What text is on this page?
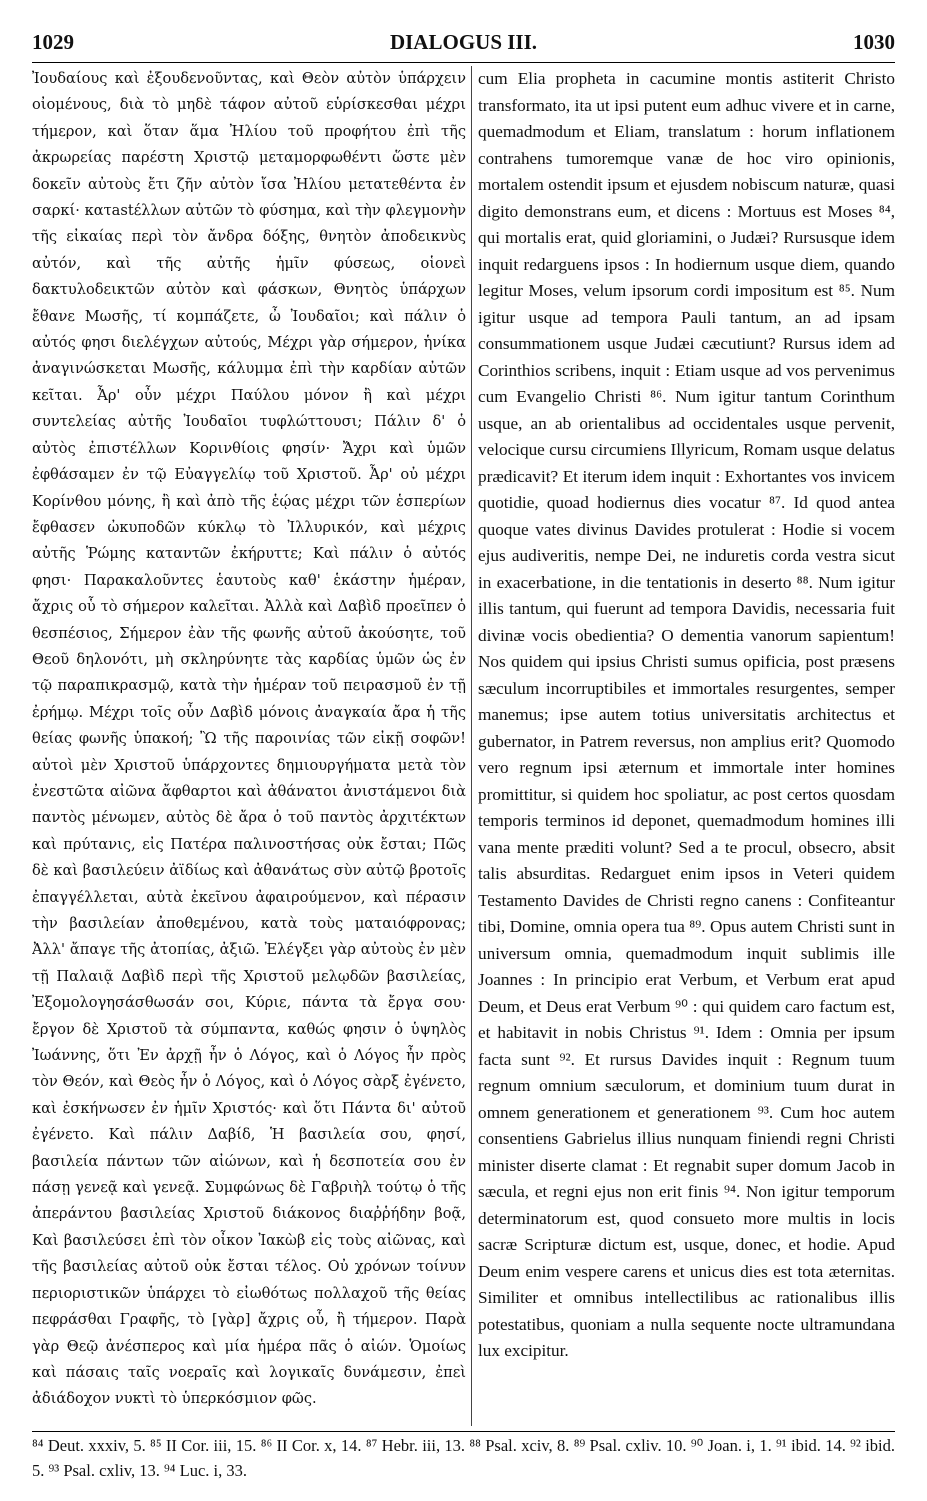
1029	DIALOGUS III.	1030

Ἰουδαίους καὶ ἐξουδενοῦντας, καὶ Θεὸν αὐτὸν ὑπάρχειν οἰομένους, διὰ τὸ μηδὲ τάφον αὐτοῦ εὑρίσκεσθαι μέχρι τήμερον, καὶ ὅταν ἅμα Ἠλίου τοῦ προφήτου ἐπὶ τῆς ἀκρωρείας παρέστη Χριστῷ μεταμορφωθέντι ὥστε μὲν δοκεῖν αὐτοὺς ἔτι ζῆν αὐτὸν ἴσα Ἠλίου μετατεθέντα ἐν σαρκί· κατastέλλων αὐτῶν τὸ φύσημα, καὶ τὴν φλεγμονὴν τῆς εἰκαίας περὶ τὸν ἄνδρα δόξης, θνητὸν ἀποδεικνὺς αὐτόν, καὶ τῆς αὐτῆς ἡμῖν φύσεως, οἱονεὶ δακτυλοδεικτῶν αὐτὸν καὶ φάσκων, Θνητὸς ὑπάρχων ἔθανε Μωσῆς, τί κομπάζετε, ὦ Ἰουδαῖοι; καὶ πάλιν ὁ αὐτός φησι διελέγχων αὐτούς, Μέχρι γὰρ σήμερον, ἡνίκα ἀναγινώσκεται Μωσῆς, κάλυμμα ἐπὶ τὴν καρδίαν αὐτῶν κεῖται. Ἆρ' οὖν μέχρι Παύλου μόνον ἢ καὶ μέχρι συντελείας αὐτῆς Ἰουδαῖοι τυφλώττουσι; Πάλιν δ' ὁ αὐτὸς ἐπιστέλλων Κορινθίοις φησίν· Ἄχρι καὶ ὑμῶν ἐφθάσαμεν ἐν τῷ Εὐαγγελίῳ τοῦ Χριστοῦ. Ἆρ' οὐ μέχρι Κορίνθου μόνης, ἢ καὶ ἀπὸ τῆς ἑῴας μέχρι τῶν ἑσπερίων ἔφθασεν ὠκυποδῶν κύκλῳ τὸ Ἰλλυρικόν, καὶ μέχρις αὐτῆς Ῥώμης καταντῶν ἐκήρυττε; Καὶ πάλιν ὁ αὐτός φησι· Παρακαλοῦντες ἑαυτοὺς καθ' ἑκάστην ἡμέραν, ἄχρις οὗ τὸ σήμερον καλεῖται. Ἀλλὰ καὶ Δαβὶδ προεῖπεν ὁ θεσπέσιος, Σήμερον ἐὰν τῆς φωνῆς αὐτοῦ ἀκούσητε, τοῦ Θεοῦ δηλονότι, μὴ σκληρύνητε τὰς καρδίας ὑμῶν ὡς ἐν τῷ παραπικρασμῷ, κατὰ τὴν ἡμέραν τοῦ πειρασμοῦ ἐν τῇ ἐρήμῳ. Μέχρι τοῖς οὖν Δαβὶδ μόνοις ἀναγκαία ἄρα ἡ τῆς θείας φωνῆς ὑπακοή; Ὢ τῆς παροινίας τῶν εἰκῇ σοφῶν! αὐτοὶ μὲν Χριστοῦ ὑπάρχοντες δημιουργήματα μετὰ τὸν ἐνεστῶτα αἰῶνα ἄφθαρτοι καὶ ἀθάνατοι ἀνιστάμενοι διὰ παντὸς μένωμεν, αὐτὸς δὲ ἄρα ὁ τοῦ παντὸς ἀρχιτέκτων καὶ πρύτανις, εἰς Πατέρα παλινοστήσας οὐκ ἔσται; Πῶς δὲ καὶ βασιλεύειν ἀϊδίως καὶ ἀθανάτως σὺν αὐτῷ βροτοῖς ἐπαγγέλλεται, αὐτὰ ἐκεῖνου ἀφαιρούμενον, καὶ πέρασιν τὴν βασιλείαν ἀποθεμένου, κατὰ τοὺς ματαιόφρονας; Ἀλλ' ἄπαγε τῆς ἀτοπίας, ἀξιῶ. Ἐλέγξει γὰρ αὐτοὺς ἐν μὲν τῇ Παλαιᾷ Δαβὶδ περὶ τῆς Χριστοῦ μελῳδῶν βασιλείας, Ἐξομολογησάσθωσάν σοι, Κύριε, πάντα τὰ ἔργα σου· ἔργον δὲ Χριστοῦ τὰ σύμπαντα, καθώς φησιν ὁ ὑψηλὸς Ἰωάννης, ὅτι Ἐν ἀρχῇ ἦν ὁ Λόγος, καὶ ὁ Λόγος ἦν πρὸς τὸν Θεόν, καὶ Θεὸς ἦν ὁ Λόγος, καὶ ὁ Λόγος σὰρξ ἐγένετο, καὶ ἐσκήνωσεν ἐν ἡμῖν Χριστός· καὶ ὅτι Πάντα δι' αὐτοῦ ἐγένετο. Καὶ πάλιν Δαβίδ, Ἡ βασιλεία σου, φησί, βασιλεία πάντων τῶν αἰώνων, καὶ ἡ δεσποτεία σου ἐν πάσῃ γενεᾷ καὶ γενεᾷ. Συμφώνως δὲ Γαβριὴλ τούτῳ ὁ τῆς ἀπεράντου βασιλείας Χριστοῦ διάκονος διαῤῥήδην βοᾷ, Καὶ βασιλεύσει ἐπὶ τὸν οἶκον Ἰακὼβ εἰς τοὺς αἰῶνας, καὶ τῆς βασιλείας αὐτοῦ οὐκ ἔσται τέλος. Οὐ χρόνων τοίνυν περιοριστικῶν ὑπάρχει τὸ εἰωθότως πολλαχοῦ τῆς θείας πεφράσθαι Γραφῆς, τὸ [γὰρ] ἄχρις οὗ, ἢ τήμερον. Παρὰ γὰρ Θεῷ ἀνέσπερος καὶ μία ἡμέρα πᾶς ὁ αἰών. Ὁμοίως καὶ πάσαις ταῖς νοεραῖς καὶ λογικαῖς δυνάμεσιν, ἐπεὶ ἀδιάδοχον νυκτὶ τὸ ὑπερκόσμιον φῶς.

cum Elia propheta in cacumine montis astiterit Christo transformato, ita ut ipsi putent eum adhuc vivere et in carne, quemadmodum et Eliam, translatum : horum inflationem contrahens tumoremque vanæ de hoc viro opinionis, mortalem ostendit ipsum et ejusdem nobiscum naturæ, quasi digito demonstrans eum, et dicens : Mortuus est Moses ⁸⁴, qui mortalis erat, quid gloriamini, o Judæi? Rursusque idem inquit redarguens ipsos : In hodiernum usque diem, quando legitur Moses, velum ipsorum cordi impositum est ⁸⁵. Num igitur usque ad tempora Pauli tantum, an ad ipsam consummationem usque Judæi cæcutiunt? Rursus idem ad Corinthios scribens, inquit : Etiam usque ad vos pervenimus cum Evangelio Christi ⁸⁶. Num igitur tantum Corinthum usque, an ab orientalibus ad occidentales usque pervenit, velocique cursu circumiens Illyricum, Romam usque delatus prædicavit? Et iterum idem inquit : Exhortantes vos invicem quotidie, quoad hodiernus dies vocatur ⁸⁷. Id quod antea quoque vates divinus Davides protulerat : Hodie si vocem ejus audiveritis, nempe Dei, ne induretis corda vestra sicut in exacerbatione, in die tentationis in deserto ⁸⁸. Num igitur illis tantum, qui fuerunt ad tempora Davidis, necessaria fuit divinæ vocis obedientia? O dementia vanorum sapientum! Nos quidem qui ipsius Christi sumus opificia, post præsens sæculum incorruptibiles et immortales resurgentes, semper manemus; ipse autem totius universitatis architectus et gubernator, in Patrem reversus, non amplius erit? Quomodo vero regnum ipsi æternum et immortale inter homines promittitur, si quidem hoc spoliatur, ac post certos quosdam temporis terminos id deponet, quemadmodum homines illi vana mente præditi volunt? Sed a te procul, obsecro, absit talis absurditas. Redarguet enim ipsos in Veteri quidem Testamento Davides de Christi regno canens : Confiteantur tibi, Domine, omnia opera tua ⁸⁹. Opus autem Christi sunt in universum omnia, quemadmodum inquit sublimis ille Joannes : In principio erat Verbum, et Verbum erat apud Deum, et Deus erat Verbum ⁹⁰ : qui quidem caro factum est, et habitavit in nobis Christus ⁹¹. Idem : Omnia per ipsum facta sunt ⁹². Et rursus Davides inquit : Regnum tuum regnum omnium sæculorum, et dominium tuum durat in omnem generationem et generationem ⁹³. Cum hoc autem consentiens Gabrielus illius nunquam finiendi regni Christi minister diserte clamat : Et regnabit super domum Jacob in sæcula, et regni ejus non erit finis ⁹⁴. Non igitur temporum determinatorum est, quod consueto more multis in locis sacræ Scripturæ dictum est, usque, donec, et hodie. Apud Deum enim vespere carens et unicus dies est tota æternitas. Similiter et omnibus intellectilibus ac rationalibus illis potestatibus, quoniam a nulla sequente nocte ultramundana lux excipitur.

⁸⁴ Deut. xxxiv, 5. ⁸⁵ II Cor. iii, 15. ⁸⁶ II Cor. x, 14. ⁸⁷ Hebr. iii, 13. ⁸⁸ Psal. xciv, 8. ⁸⁹ Psal. cxliv. 10. ⁹⁰ Joan. i, 1. ⁹¹ ibid. 14. ⁹² ibid. 5. ⁹³ Psal. cxliv, 13. ⁹⁴ Luc. i, 33.
